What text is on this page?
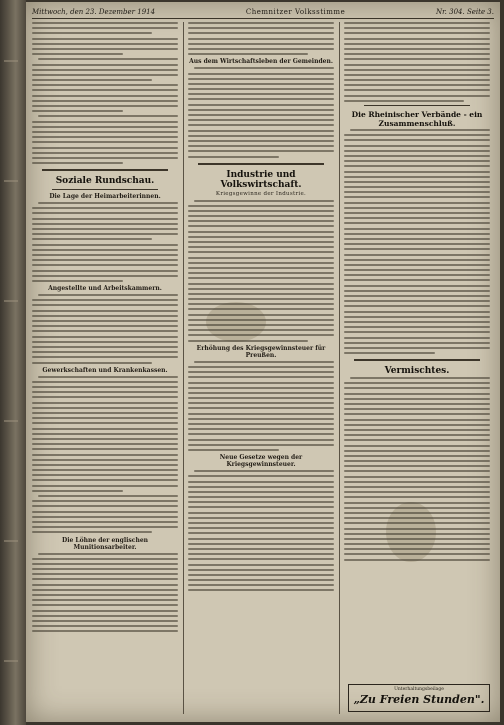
Mittwoch, den 23. Dezember 1914	Chemnitzer Volksstimme	Nr. 304. Seite 3.
Soziale Rundschau.
Die Lage der Heimarbeiterinnen.
Angestellte und Arbeitskammern.
Gewerkschaften und Krankenkassen.
Die Löhne der englischen Munitionsarbeiter.
Aus dem Wirtschaftsleben der Gemeinden.
Industrie und Volkswirtschaft.
Kriegsgewinne der Industrie.
Erhöhung des Kriegsgewinnsteuer für Preußen.
Neue Gesetze wegen der Kriegsgewinnsteuer.
Die Rheinischer Verbände - ein Zusammenschluß.
Vermischtes.
Unterhaltungsbeilage
„Zu Freien Stunden".
